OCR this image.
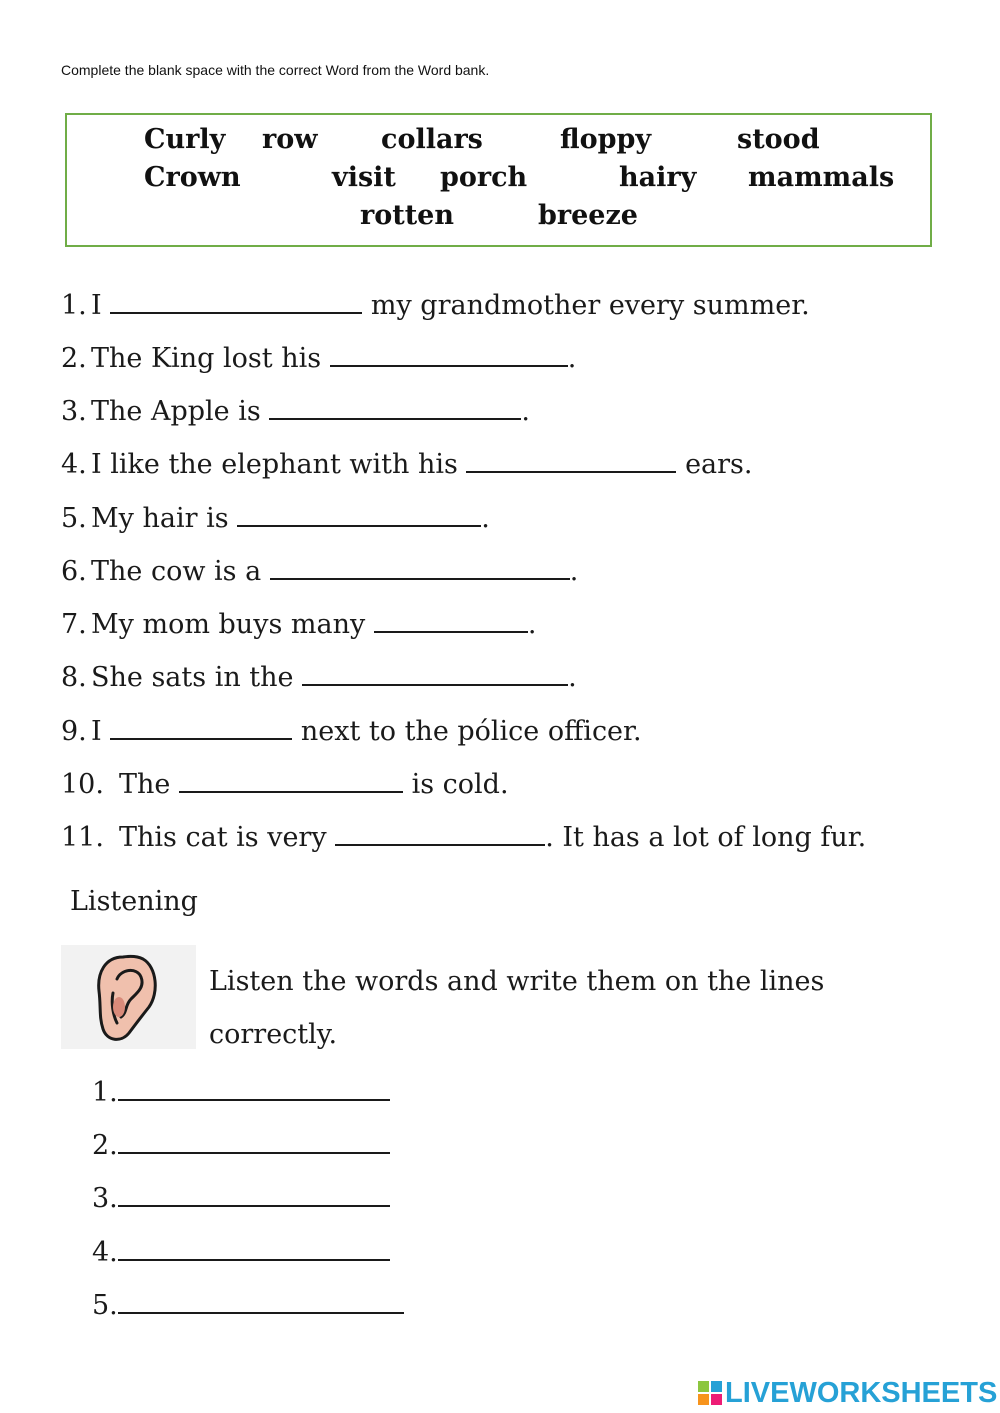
Complete the blank space with the correct Word from the Word bank.
Curly row collars	floppy	stood
Crown	visit porch	hairy mammals
rotten	breeze
1. I	my grandmother every summer.
2. The King lost his	.
3. The Apple is	.
4. I like the elephant with his	ears.
5. My hair is	.
6. The cow is a	.
7. My mom buys many	.
8. She sats in the	.
9. I	next to the pólice officer.
10. The	is cold.
11. This cat is very	. It has a lot of long fur.
Listening
Listen the words and write them on the lines correctly.
1.
2.
3.
4.
5.
LIVEWORKSHEETS
